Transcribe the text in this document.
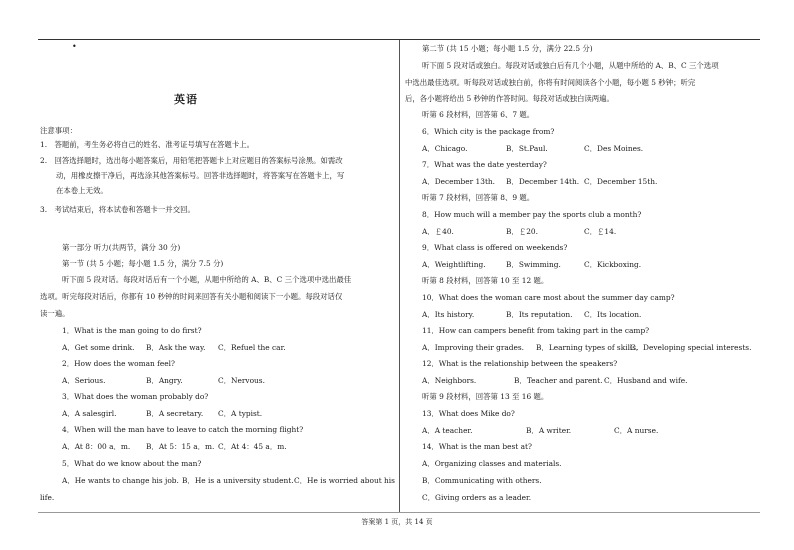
•
英语
注意事项：
1.　答题前，考生务必将自己的姓名、准考证号填写在答题卡上。
2.　回答选择题时，选出每小题答案后，用铅笔把答题卡上对应题目的答案标号涂黑。如需改
动，用橡皮擦干净后，再选涂其他答案标号。回答非选择题时，将答案写在答题卡上，写
在本卷上无效。
3.　考试结束后，将本试卷和答题卡一并交回。
第一部分 听力(共两节，满分 30 分)
第一节 (共 5 小题；每小题 1.5 分，满分 7.5 分)
听下面 5 段对话。每段对话后有一个小题，从题中所给的 A、B、C 三个选项中选出最佳
选项。听完每段对话后，你都有 10 秒钟的时间来回答有关小题和阅读下一小题。每段对话仅
读一遍。
1．What is the man going to do first?
A．Get some drink. B．Ask the way. C．Refuel the car.
2．How does the woman feel?
A．Serious.	B．Angry.	C．Nervous.
3．What does the woman probably do?
A．A salesgirl.	B．A secretary. C．A typist.
4．When will the man have to leave to catch the morning flight?
A．At 8：00 a．m. B．At 5：15 a．m. C．At 4：45 a．m.
5．What do we know about the man?
A．He wants to change his job. B．He is a university student. C．He is worried about his
life.
第二节 (共 15 小题；每小题 1.5 分，满分 22.5 分)
听下面 5 段对话或独白。每段对话或独白后有几个小题，从题中所给的 A、B、C 三个选项
中选出最佳选项。听每段对话或独白前，你将有时间阅读各个小题，每小题 5 秒钟；听完
后，各小题将给出 5 秒钟的作答时间。每段对话或独白读两遍。
听第 6 段材料，回答第 6、7 题。
6．Which city is the package from?
A．Chicago.	B．St.Paul.	C．Des Moines.
7．What was the date yesterday?
A．December 13th. B．December 14th. C．December 15th.
听第 7 段材料，回答第 8、9 题。
8．How much will a member pay the sports club a month?
A．￡40.	B．￡20.	C．￡14.
9．What class is offered on weekends?
A．Weightlifting.	B．Swimming.	C．Kickboxing.
听第 8 段材料，回答第 10 至 12 题。
10．What does the woman care most about the summer day camp?
A．Its history.	B．Its reputation. C．Its location.
11．How can campers benefit from taking part in the camp?
A．Improving their grades. B．Learning types of skills.
C．Developing special interests.
12．What is the relationship between the speakers?
A．Neighbors.	B．Teacher and parent. C．Husband and wife.
听第 9 段材料，回答第 13 至 16 题。
13．What does Mike do?
A．A teacher.	B．A writer.	C．A nurse.
14．What is the man best at?
A．Organizing classes and materials.
B．Communicating with others.
C．Giving orders as a leader.
答案第 1 页，共 14 页
